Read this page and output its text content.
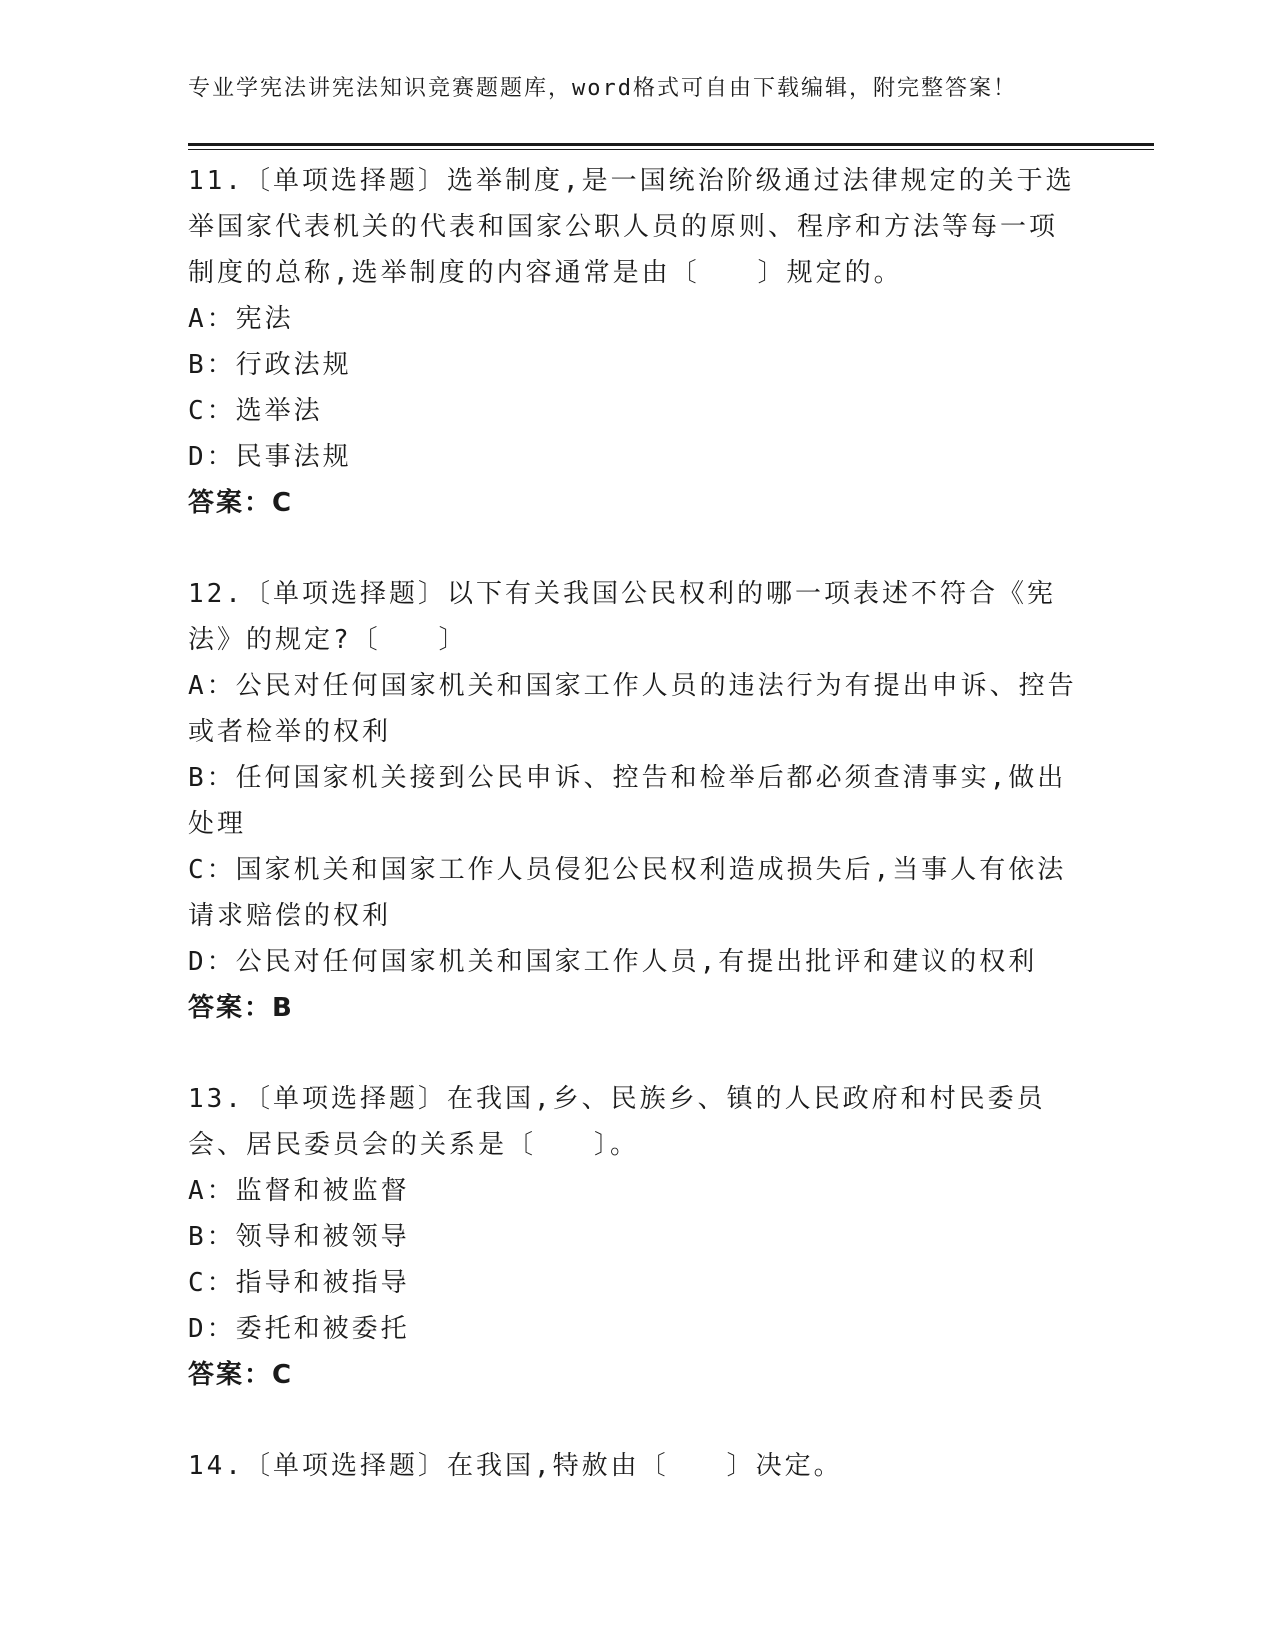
专业学宪法讲宪法知识竞赛题题库，word格式可自由下载编辑，附完整答案！

11.〔单项选择题〕选举制度,是一国统治阶级通过法律规定的关于选举国家代表机关的代表和国家公职人员的原则、程序和方法等每一项制度的总称,选举制度的内容通常是由〔　　〕规定的。

A：宪法

B：行政法规

C：选举法

D：民事法规

答案：C

12.〔单项选择题〕以下有关我国公民权利的哪一项表述不符合《宪法》的规定?〔　　〕

A：公民对任何国家机关和国家工作人员的违法行为有提出申诉、控告或者检举的权利

B：任何国家机关接到公民申诉、控告和检举后都必须查清事实,做出处理

C：国家机关和国家工作人员侵犯公民权利造成损失后,当事人有依法请求赔偿的权利

D：公民对任何国家机关和国家工作人员,有提出批评和建议的权利

答案：B

13.〔单项选择题〕在我国,乡、民族乡、镇的人民政府和村民委员会、居民委员会的关系是〔　　〕。

A：监督和被监督

B：领导和被领导

C：指导和被指导

D：委托和被委托

答案：C

14.〔单项选择题〕在我国,特赦由〔　　〕决定。
